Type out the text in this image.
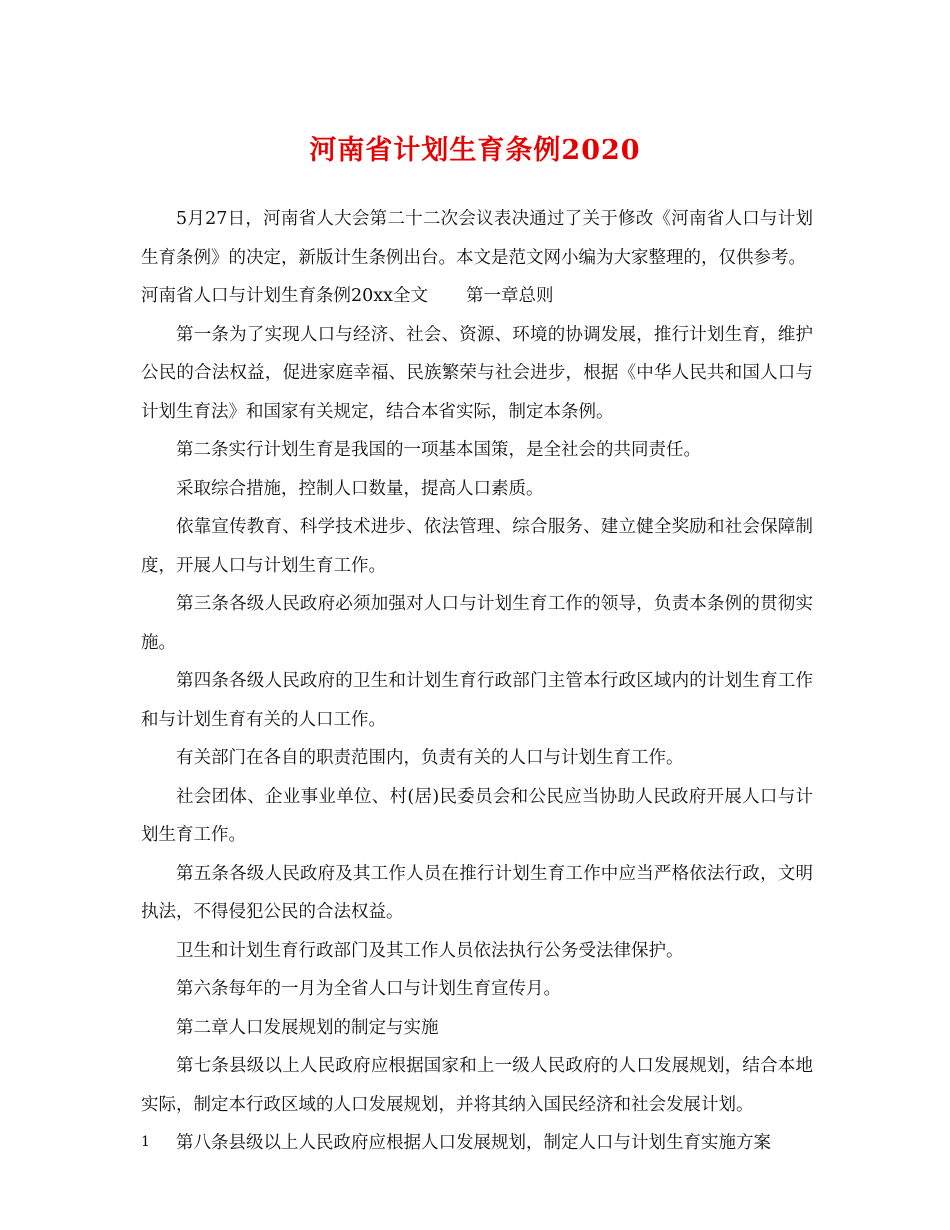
河南省计划生育条例2020

5月27日，河南省人大会第二十二次会议表决通过了关于修改《河南省人口与计划生育条例》的决定，新版计生条例出台。本文是范文网小编为大家整理的，仅供参考。

河南省人口与计划生育条例20xx全文 第一章总则

第一条为了实现人口与经济、社会、资源、环境的协调发展，推行计划生育，维护公民的合法权益，促进家庭幸福、民族繁荣与社会进步，根据《中华人民共和国人口与计划生育法》和国家有关规定，结合本省实际，制定本条例。

第二条实行计划生育是我国的一项基本国策，是全社会的共同责任。

采取综合措施，控制人口数量，提高人口素质。

依靠宣传教育、科学技术进步、依法管理、综合服务、建立健全奖励和社会保障制度，开展人口与计划生育工作。

第三条各级人民政府必须加强对人口与计划生育工作的领导，负责本条例的贯彻实施。

第四条各级人民政府的卫生和计划生育行政部门主管本行政区域内的计划生育工作和与计划生育有关的人口工作。

有关部门在各自的职责范围内，负责有关的人口与计划生育工作。

社会团体、企业事业单位、村(居)民委员会和公民应当协助人民政府开展人口与计划生育工作。

第五条各级人民政府及其工作人员在推行计划生育工作中应当严格依法行政，文明执法，不得侵犯公民的合法权益。

卫生和计划生育行政部门及其工作人员依法执行公务受法律保护。

第六条每年的一月为全省人口与计划生育宣传月。

第二章人口发展规划的制定与实施

第七条县级以上人民政府应根据国家和上一级人民政府的人口发展规划，结合本地实际，制定本行政区域的人口发展规划，并将其纳入国民经济和社会发展计划。

第八条县级以上人民政府应根据人口发展规划，制定人口与计划生育实施方案

1
